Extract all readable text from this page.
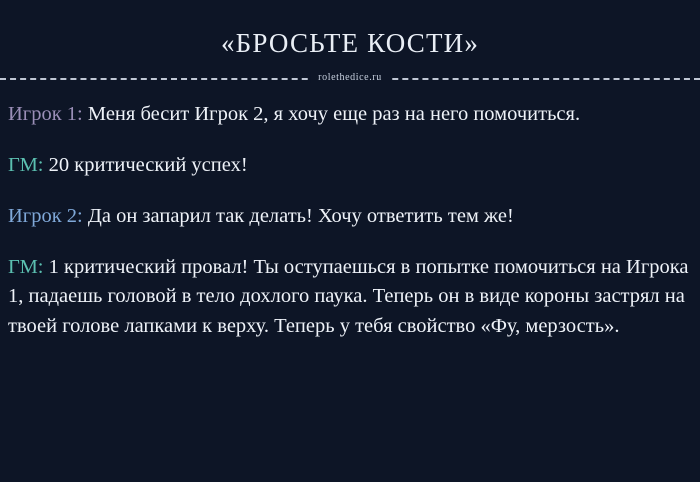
«БРОСЬТЕ КОСТИ»
rolethedice.ru

Игрок 1: Меня бесит Игрок 2, я хочу еще раз на него помочиться.

ГМ: 20 критический успех!

Игрок 2: Да он запарил так делать! Хочу ответить тем же!

ГМ: 1 критический провал! Ты оступаешься в попытке помочиться на Игрока 1, падаешь головой в тело дохлого паука. Теперь он в виде короны застрял на твоей голове лапками к верху. Теперь у тебя свойство «Фу, мерзость».
